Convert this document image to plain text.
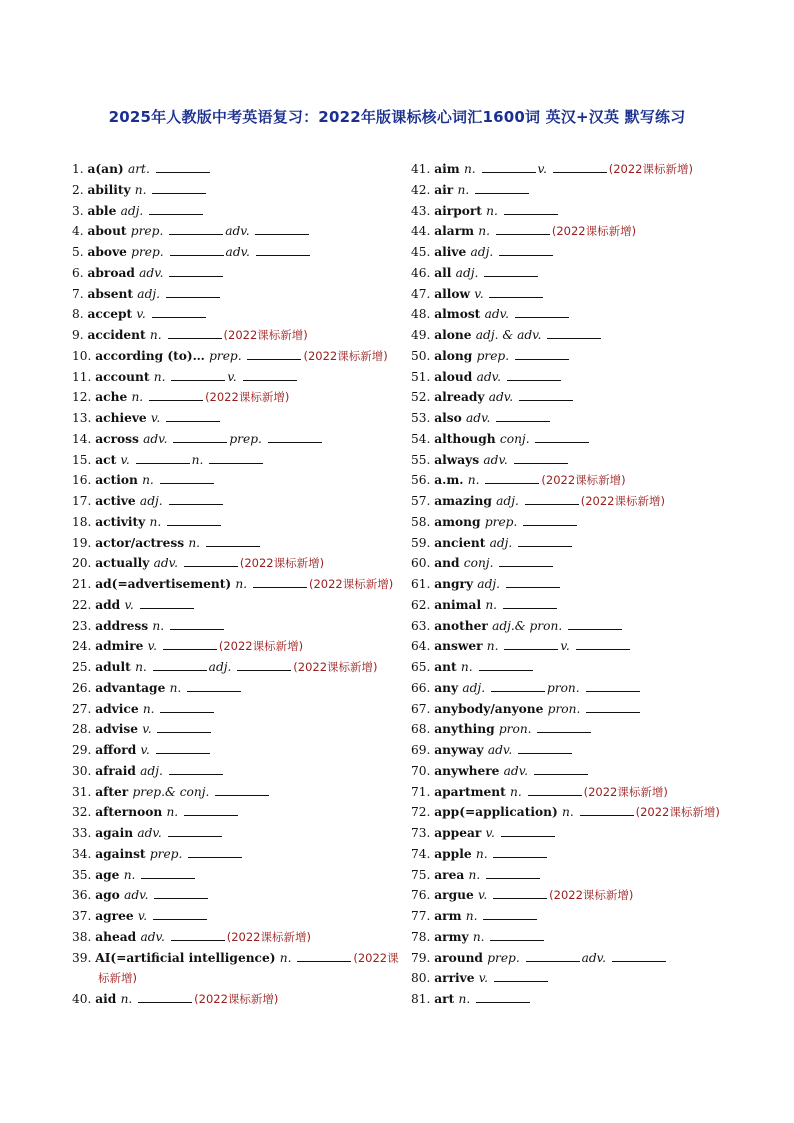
2025年人教版中考英语复习：2022年版课标核心词汇1600词 英汉+汉英 默写练习
1. a(an) art.
2. ability n.
3. able adj.
4. about prep.	adv.
5. above prep.	adv.
6. abroad adv.
7. absent adj.
8. accept v.
9. accident n.	(2022课标新增)
10. according (to)… prep.	(2022课标新增)
11. account n.	v.
12. ache n.	(2022课标新增)
13. achieve v.
14. across adv.	prep.
15. act v.	n.
16. action n.
17. active adj.
18. activity n.
19. actor/actress n.
20. actually adv.	(2022课标新增)
21. ad(=advertisement) n.	(2022课标新增)
22. add v.
23. address n.
24. admire v.	(2022课标新增)
25. adult n.	adj.	(2022课标新增)
26. advantage n.
27. advice n.
28. advise v.
29. afford v.
30. afraid adj.
31. after prep.& conj.
32. afternoon n.
33. again adv.
34. against prep.
35. age n.
36. ago adv.
37. agree v.
38. ahead adv.	(2022课标新增)
39. AI(=artificial intelligence) n.	(2022课
标新增)
40. aid n.	(2022课标新增)
41. aim n.	v.	(2022课标新增)
42. air n.
43. airport n.
44. alarm n.	(2022课标新增)
45. alive adj.
46. all adj.
47. allow v.
48. almost adv.
49. alone adj. & adv.
50. along prep.
51. aloud adv.
52. already adv.
53. also adv.
54. although conj.
55. always adv.
56. a.m. n.	(2022课标新增)
57. amazing adj.	(2022课标新增)
58. among prep.
59. ancient adj.
60. and conj.
61. angry adj.
62. animal n.
63. another adj.& pron.
64. answer n.	v.
65. ant n.
66. any adj.	pron.
67. anybody/anyone pron.
68. anything pron.
69. anyway adv.
70. anywhere adv.
71. apartment n.	(2022课标新增)
72. app(=application) n.	(2022课标新增)
73. appear v.
74. apple n.
75. area n.
76. argue v.	(2022课标新增)
77. arm n.
78. army n.
79. around prep.	adv.
80. arrive v.
81. art n.
